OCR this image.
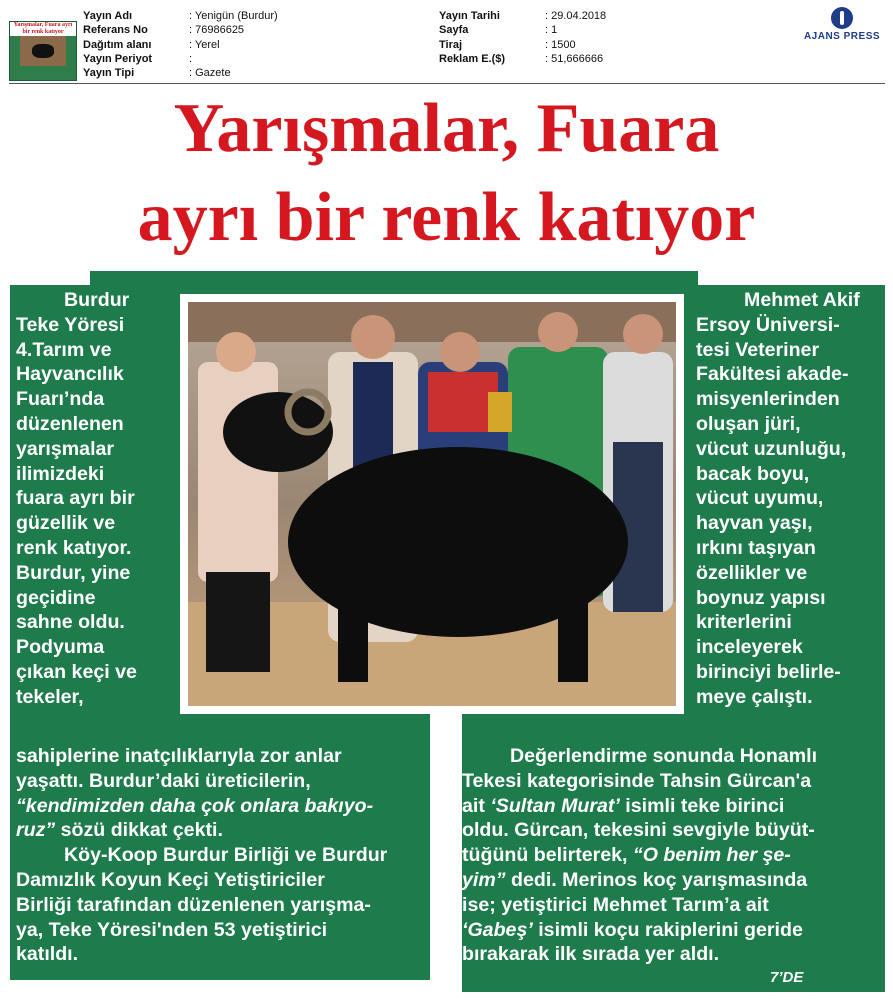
Yarışmalar, Fuara ayrı bir renk katıyor
Yayın Adı	: Yenigün (Burdur)
Referans No	: 76986625
Dağıtım alanı	: Yerel
Yayın Periyot	:
Yayın Tipi	: Gazete
Yayın Tarihi	: 29.04.2018
Sayfa	: 1
Tiraj	: 1500
Reklam E.($)	: 51,666666
AJANS PRESS
Yarışmalar, Fuara
ayrı bir renk katıyor
Burdur
Teke Yöresi
4.Tarım ve
Hayvancılık
Fuarı’nda
düzenlenen
yarışmalar
ilimizdeki
fuara ayrı bir
güzellik ve
renk katıyor.
Burdur, yine
geçidine
sahne oldu.
Podyuma
çıkan keçi ve
tekeler,
Mehmet Akif
Ersoy Üniversi-
tesi Veteriner
Fakültesi akade-
misyenlerinden
oluşan jüri,
vücut uzunluğu,
bacak boyu,
vücut uyumu,
hayvan yaşı,
ırkını taşıyan
özellikler ve
boynuz yapısı
kriterlerini
inceleyerek
birinciyi belirle-
meye çalıştı.
sahiplerine inatçılıklarıyla zor anlar
yaşattı. Burdur’daki üreticilerin,
“kendimizden daha çok onlara bakıyo-
ruz” sözü dikkat çekti.
Köy-Koop Burdur Birliği ve Burdur
Damızlık Koyun Keçi Yetiştiriciler
Birliği tarafından düzenlenen yarışma-
ya, Teke Yöresi'nden 53 yetiştirici
katıldı.
Değerlendirme sonunda Honamlı
Tekesi kategorisinde Tahsin Gürcan'a
ait ‘Sultan Murat’ isimli teke birinci
oldu. Gürcan, tekesini sevgiyle büyüt-
tüğünü belirterek, “O benim her şe-
yim” dedi. Merinos koç yarışmasında
ise; yetiştirici Mehmet Tarım’a ait
‘Gabeş’ isimli koçu rakiplerini geride
bırakarak ilk sırada yer aldı.
7’DE
